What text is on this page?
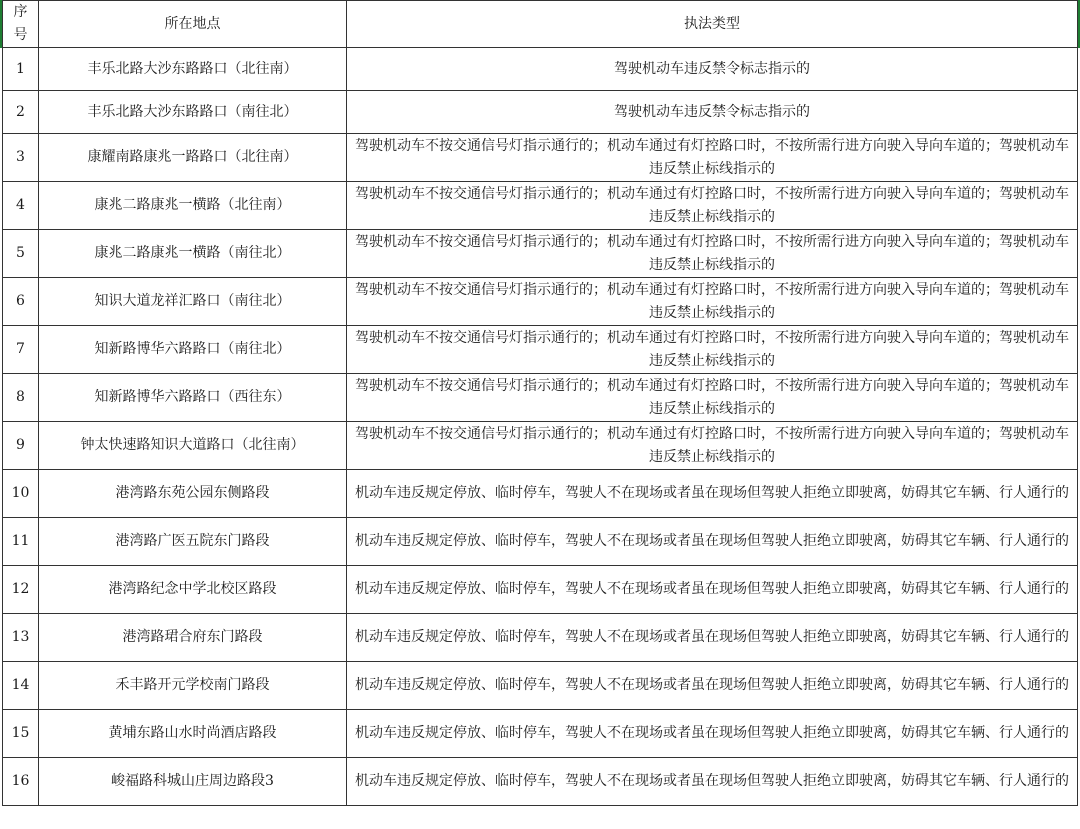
序号	所在地点	执法类型
1	丰乐北路大沙东路路口（北往南）	驾驶机动车违反禁令标志指示的
2	丰乐北路大沙东路路口（南往北）	驾驶机动车违反禁令标志指示的
3	康耀南路康兆一路路口（北往南）	驾驶机动车不按交通信号灯指示通行的；机动车通过有灯控路口时，不按所需行进方向驶入导向车道的；驾驶机动车违反禁止标线指示的
4	康兆二路康兆一横路（北往南）	驾驶机动车不按交通信号灯指示通行的；机动车通过有灯控路口时，不按所需行进方向驶入导向车道的；驾驶机动车违反禁止标线指示的
5	康兆二路康兆一横路（南往北）	驾驶机动车不按交通信号灯指示通行的；机动车通过有灯控路口时，不按所需行进方向驶入导向车道的；驾驶机动车违反禁止标线指示的
6	知识大道龙祥汇路口（南往北）	驾驶机动车不按交通信号灯指示通行的；机动车通过有灯控路口时，不按所需行进方向驶入导向车道的；驾驶机动车违反禁止标线指示的
7	知新路博华六路路口（南往北）	驾驶机动车不按交通信号灯指示通行的；机动车通过有灯控路口时，不按所需行进方向驶入导向车道的；驾驶机动车违反禁止标线指示的
8	知新路博华六路路口（西往东）	驾驶机动车不按交通信号灯指示通行的；机动车通过有灯控路口时，不按所需行进方向驶入导向车道的；驾驶机动车违反禁止标线指示的
9	钟太快速路知识大道路口（北往南）	驾驶机动车不按交通信号灯指示通行的；机动车通过有灯控路口时，不按所需行进方向驶入导向车道的；驾驶机动车违反禁止标线指示的
10	港湾路东苑公园东侧路段	机动车违反规定停放、临时停车，驾驶人不在现场或者虽在现场但驾驶人拒绝立即驶离，妨碍其它车辆、行人通行的
11	港湾路广医五院东门路段	机动车违反规定停放、临时停车，驾驶人不在现场或者虽在现场但驾驶人拒绝立即驶离，妨碍其它车辆、行人通行的
12	港湾路纪念中学北校区路段	机动车违反规定停放、临时停车，驾驶人不在现场或者虽在现场但驾驶人拒绝立即驶离，妨碍其它车辆、行人通行的
13	港湾路珺合府东门路段	机动车违反规定停放、临时停车，驾驶人不在现场或者虽在现场但驾驶人拒绝立即驶离，妨碍其它车辆、行人通行的
14	禾丰路开元学校南门路段	机动车违反规定停放、临时停车，驾驶人不在现场或者虽在现场但驾驶人拒绝立即驶离，妨碍其它车辆、行人通行的
15	黄埔东路山水时尚酒店路段	机动车违反规定停放、临时停车，驾驶人不在现场或者虽在现场但驾驶人拒绝立即驶离，妨碍其它车辆、行人通行的
16	峻福路科城山庄周边路段3	机动车违反规定停放、临时停车，驾驶人不在现场或者虽在现场但驾驶人拒绝立即驶离，妨碍其它车辆、行人通行的
